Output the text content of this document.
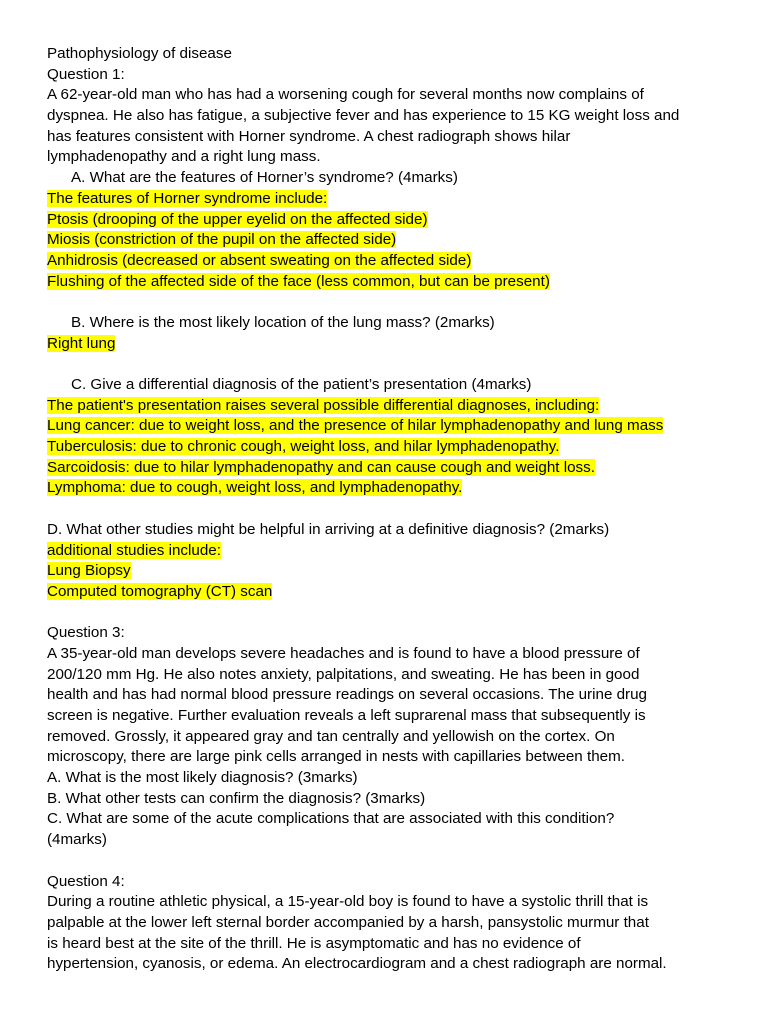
Pathophysiology of disease
Question 1:
A 62-year-old man who has had a worsening cough for several months now complains of
dyspnea. He also has fatigue, a subjective fever and has experience to 15 KG weight loss and
has features consistent with Horner syndrome. A chest radiograph shows hilar
lymphadenopathy and a right lung mass.
A. What are the features of Horner’s syndrome? (4marks)
The features of Horner syndrome include:
Ptosis (drooping of the upper eyelid on the affected side)
Miosis (constriction of the pupil on the affected side)
Anhidrosis (decreased or absent sweating on the affected side)
Flushing of the affected side of the face (less common, but can be present)
B. Where is the most likely location of the lung mass? (2marks)
Right lung
C. Give a differential diagnosis of the patient’s presentation (4marks)
The patient's presentation raises several possible differential diagnoses, including:
Lung cancer: due to weight loss, and the presence of hilar lymphadenopathy and lung mass
Tuberculosis: due to chronic cough, weight loss, and hilar lymphadenopathy.
Sarcoidosis: due to hilar lymphadenopathy and can cause cough and weight loss.
Lymphoma: due to cough, weight loss, and lymphadenopathy.
D. What other studies might be helpful in arriving at a definitive diagnosis? (2marks)
additional studies include:
Lung Biopsy
Computed tomography (CT) scan
Question 3:
A 35-year-old man develops severe headaches and is found to have a blood pressure of
200/120 mm Hg. He also notes anxiety, palpitations, and sweating. He has been in good
health and has had normal blood pressure readings on several occasions. The urine drug
screen is negative. Further evaluation reveals a left suprarenal mass that subsequently is
removed. Grossly, it appeared gray and tan centrally and yellowish on the cortex. On
microscopy, there are large pink cells arranged in nests with capillaries between them.
A. What is the most likely diagnosis? (3marks)
B. What other tests can confirm the diagnosis? (3marks)
C. What are some of the acute complications that are associated with this condition?
(4marks)
Question 4:
During a routine athletic physical, a 15-year-old boy is found to have a systolic thrill that is
palpable at the lower left sternal border accompanied by a harsh, pansystolic murmur that
is heard best at the site of the thrill. He is asymptomatic and has no evidence of
hypertension, cyanosis, or edema. An electrocardiogram and a chest radiograph are normal.
